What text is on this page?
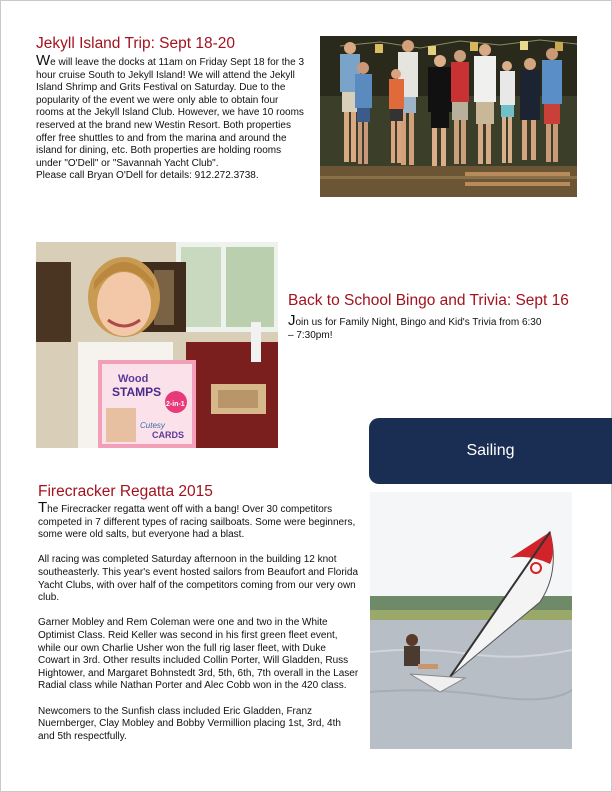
Jekyll Island Trip: Sept 18-20

We will leave the docks at 11am on Friday Sept 18 for the 3 hour cruise South to Jekyll Island! We will attend the Jekyll Island Shrimp and Grits Festival on Saturday. Due to the popularity of the event we were only able to obtain four rooms at the Jekyll Island Club. However, we have 10 rooms reserved at the brand new Westin Resort. Both properties offer free shuttles to and from the marina and around the island for dining, etc. Both properties are holding rooms under "O'Dell" or "Savannah Yacht Club".

Please call Bryan O'Dell for details: 912.272.3738.

Wood
STAMPS
2-in-1
Cutesy
CARDS
Back to School Bingo and Trivia: Sept 16

Join us for Family Night, Bingo and Kid's Trivia from 6:30 – 7:30pm!

Sailing
Firecracker Regatta 2015

The Firecracker regatta went off with a bang! Over 30 competitors competed in 7 different types of racing sailboats. Some were beginners, some were old salts, but everyone had a blast.

All racing was completed Saturday afternoon in the building 12 knot southeasterly. This year's event hosted sailors from Beaufort and Florida Yacht Clubs, with over half of the competitors coming from our very own club.

Garner Mobley and Rem Coleman were one and two in the White Optimist Class. Reid Keller was second in his first green fleet event, while our own Charlie Usher won the full rig laser fleet, with Duke Cowart in 3rd. Other results included Collin Porter, Will Gladden, Russ Hightower, and Margaret Bohnstedt 3rd, 5th, 6th, 7th overall in the Laser Radial class while Nathan Porter and Alec Cobb won in the 420 class.

Newcomers to the Sunfish class included Eric Gladden, Franz Nuernberger, Clay Mobley and Bobby Vermillion placing 1st, 3rd, 4th and 5th respectfully.
